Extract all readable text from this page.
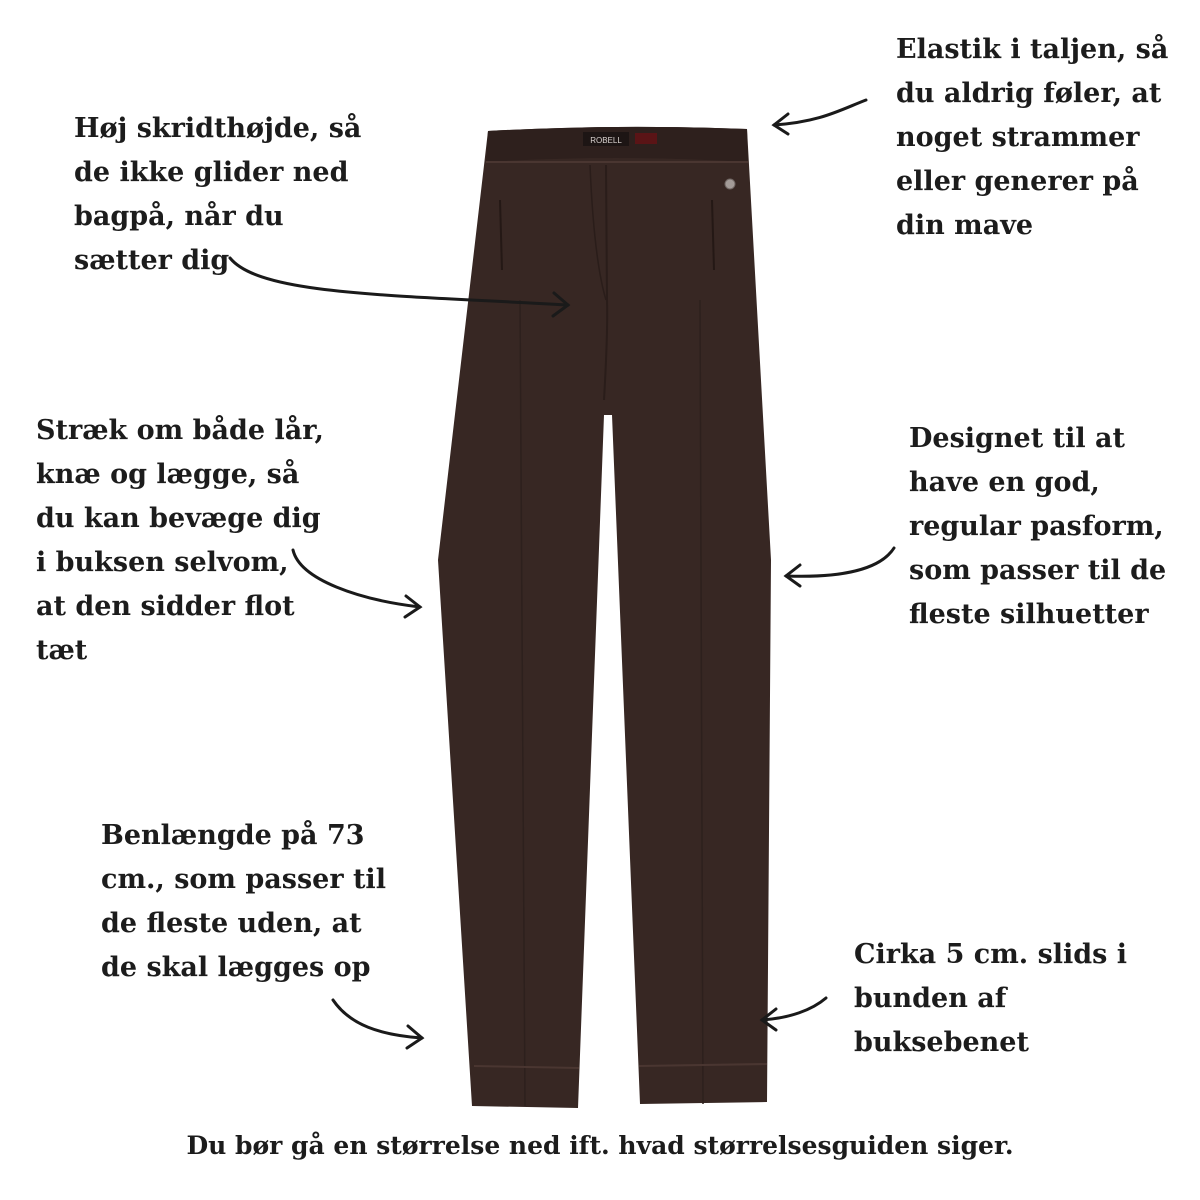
ROBELL

Høj skridthøjde, så de ikke glider ned bagpå, når du sætter dig

Elastik i taljen, så du aldrig føler, at noget strammer eller generer på din mave

Stræk om både lår, knæ og lægge, så du kan bevæge dig i buksen selvom, at den sidder flot tæt

Designet til at have en god, regular pasform, som passer til de fleste silhuetter

Benlængde på 73 cm., som passer til de fleste uden, at de skal lægges op	Cirka 5 cm. slids i bunden af buksebenet

Du bør gå en størrelse ned ift. hvad størrelsesguiden siger.
